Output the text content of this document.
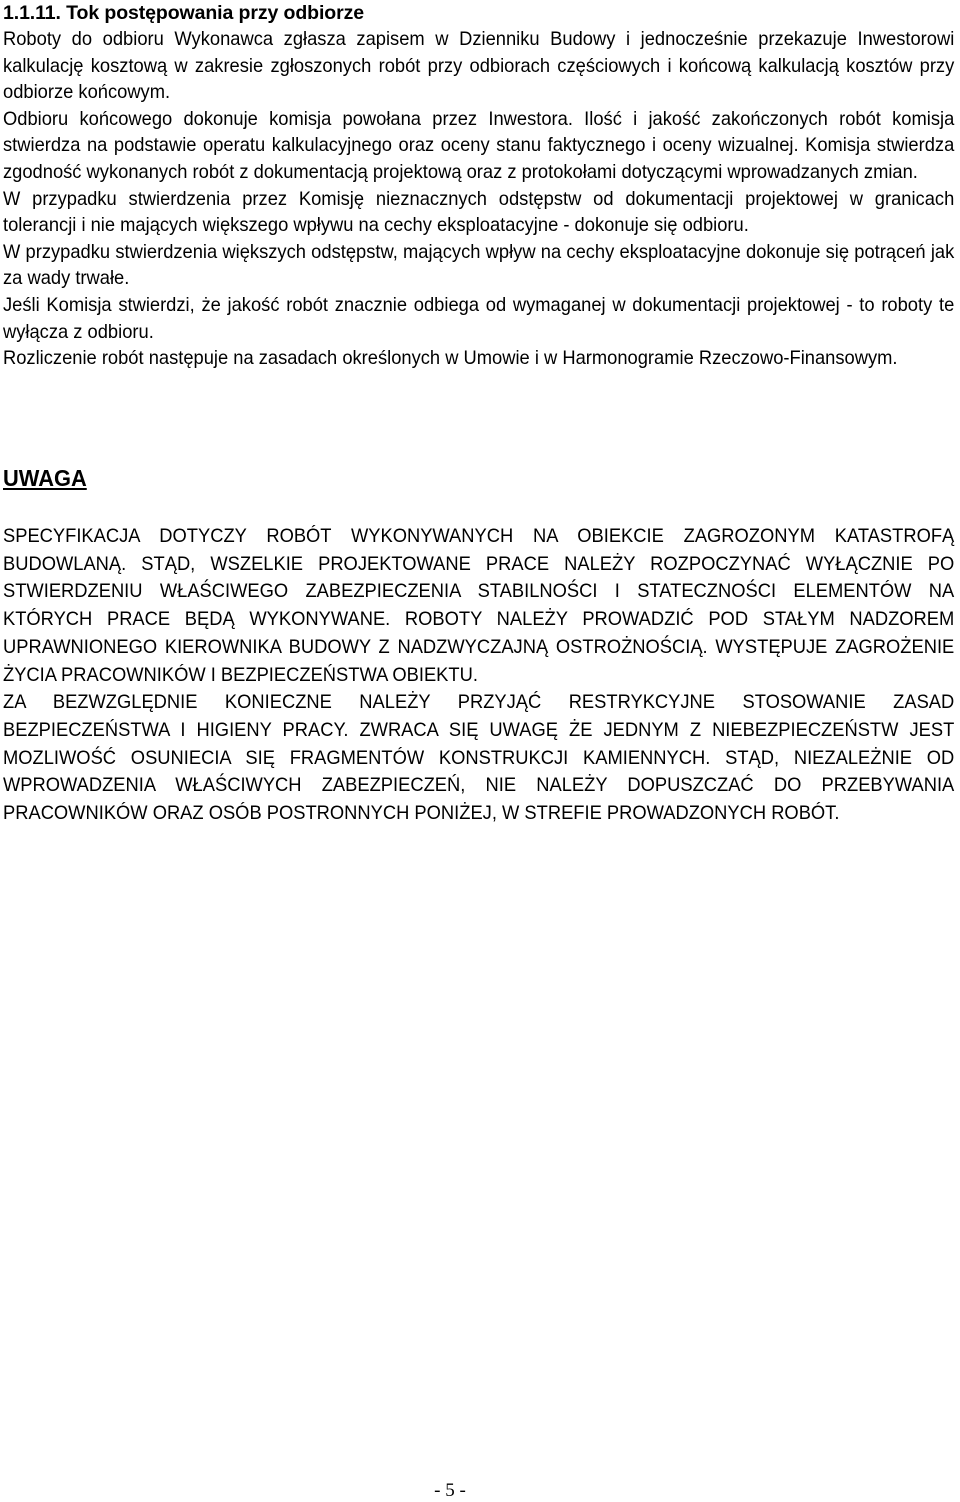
1.1.11. Tok postępowania przy odbiorze

Roboty do odbioru Wykonawca zgłasza zapisem w Dzienniku Budowy i jednocześnie przekazuje Inwestorowi kalkulację kosztową w zakresie zgłoszonych robót przy odbiorach częściowych i końcową kalkulacją kosztów przy odbiorze końcowym.

Odbioru końcowego dokonuje komisja powołana przez Inwestora. Ilość i jakość zakończonych robót komisja stwierdza na podstawie operatu kalkulacyjnego oraz oceny stanu faktycznego i oceny wizualnej. Komisja stwierdza zgodność wykonanych robót z dokumentacją projektową oraz z protokołami dotyczącymi wprowadzanych zmian.

W przypadku stwierdzenia przez Komisję nieznacznych odstępstw od dokumentacji projektowej w granicach tolerancji i nie mających większego wpływu na cechy eksploatacyjne - dokonuje się odbioru.

W przypadku stwierdzenia większych odstępstw, mających wpływ na cechy eksploatacyjne dokonuje się potrąceń jak za wady trwałe.

Jeśli Komisja stwierdzi, że jakość robót znacznie odbiega od wymaganej w dokumentacji projektowej - to roboty te wyłącza z odbioru.

Rozliczenie robót następuje na zasadach określonych w Umowie i w Harmonogramie Rzeczowo-Finansowym.

UWAGA

SPECYFIKACJA DOTYCZY ROBÓT WYKONYWANYCH NA OBIEKCIE ZAGROZONYM KATASTROFĄ BUDOWLANĄ. STĄD, WSZELKIE PROJEKTOWANE PRACE NALEŻY ROZPOCZYNAĆ WYŁĄCZNIE PO STWIERDZENIU WŁAŚCIWEGO ZABEZPIECZENIA STABILNOŚCI I STATECZNOŚCI ELEMENTÓW NA KTÓRYCH PRACE BĘDĄ WYKONYWANE. ROBOTY NALEŻY PROWADZIĆ POD STAŁYM NADZOREM UPRAWNIONEGO KIEROWNIKA BUDOWY Z NADZWYCZAJNĄ OSTROŻNOŚCIĄ. WYSTĘPUJE ZAGROŻENIE ŻYCIA PRACOWNIKÓW I BEZPIECZEŃSTWA OBIEKTU.

ZA BEZWZGLĘDNIE KONIECZNE NALEŻY PRZYJĄĆ RESTRYKCYJNE STOSOWANIE ZASAD BEZPIECZEŃSTWA I HIGIENY PRACY. ZWRACA SIĘ UWAGĘ ŻE JEDNYM Z NIEBEZPIECZEŃSTW JEST MOZLIWOŚĆ OSUNIECIA SIĘ FRAGMENTÓW KONSTRUKCJI KAMIENNYCH. STĄD, NIEZALEŻNIE OD WPROWADZENIA WŁAŚCIWYCH ZABEZPIECZEŃ, NIE NALEŻY DOPUSZCZAĆ DO PRZEBYWANIA PRACOWNIKÓW ORAZ OSÓB POSTRONNYCH PONIŻEJ, W STREFIE PROWADZONYCH ROBÓT.

- 5 -
